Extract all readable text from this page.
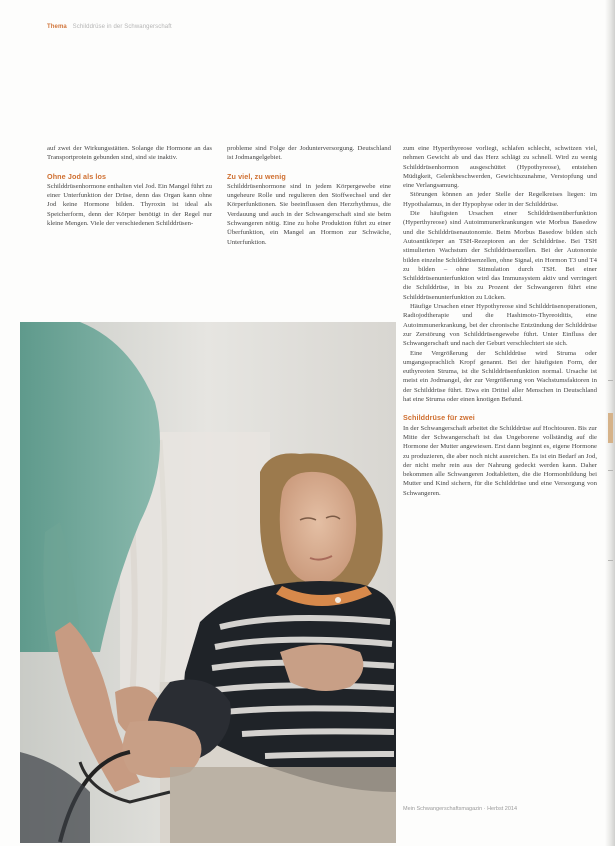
Thema Schilddrüse in der Schwangerschaft

auf zwei der Wirkungsstätten. Solange die Hormone an das Transportprotein gebunden sind, sind sie inaktiv.

Ohne Jod als los

Schilddrüsenhormone enthalten viel Jod. Ein Mangel führt zu einer Unterfunktion der Drüse, denn das Organ kann ohne Jod keine Hormone bilden. Thyroxin ist ideal als Speicherform, denn der Körper benötigt in der Regel nur kleine Mengen. Viele der verschiedenen Schilddrüsen-

probleme sind Folge der Jodunterversorgung. Deutschland ist Jodmangelgebiet.

Zu viel, zu wenig

Schilddrüsenhormone sind in jedem Körpergewebe eine ungeheure Rolle und regulieren den Stoffwechsel und der Körperfunktionen. Sie beeinflussen den Herzrhythmus, die Verdauung und auch in der Schwangerschaft sind sie beim Schwangeren nötig. Eine zu hohe Produktion führt zu einer Überfunktion, ein Mangel an Hormon zur Schwäche, Unterfunktion.

zum eine Hyperthyreose vorliegt, schlafen schlecht, schwitzen viel, nehmen Gewicht ab und das Herz schlägt zu schnell. Wird zu wenig Schilddrüsenhormon ausgeschüttet (Hypothyreose), entstehen Müdigkeit, Gelenkbeschwerden, Gewichtszunahme, Verstopfung und eine Verlangsamung.

Störungen können an jeder Stelle der Regelkreises liegen: im Hypothalamus, in der Hypophyse oder in der Schilddrüse.

Die häufigsten Ursachen einer Schilddrüsenüberfunktion (Hyperthyreose) sind Autoimmunerkrankungen wie Morbus Basedow und die Schilddrüsenautonomie. Beim Morbus Basedow bilden sich Autoantikörper an TSH-Rezeptoren an der Schilddrüse. Bei TSH stimulierten Wachstum der Schilddrüsenzellen. Bei der Autonomie bilden einzelne Schilddrüsenzellen, ohne Signal, ein Hormon T3 und T4 zu bilden – ohne Stimulation durch TSH. Bei einer Schilddrüsenunterfunktion wird das Immunsystem aktiv und verringert die Schilddrüse, in bis zu Prozent der Schwangeren führt eine Schilddrüsenunterfunktion zu Lücken.

Häufige Ursachen einer Hypothyreose sind Schilddrüsenoperationen, Radiojodtherapie und die Hashimoto-Thyreoiditis, eine Autoimmunerkrankung, bei der chronische Entzündung der Schilddrüse zur Zerstörung von Schilddrüsengewebe führt. Unter Einfluss der Schwangerschaft und nach der Geburt verschlechtert sie sich.

Eine Vergrößerung der Schilddrüse wird Struma oder umgangssprachlich Kropf genannt. Bei der häufigsten Form, der euthyreoten Struma, ist die Schilddrüsenfunktion normal. Ursache ist meist ein Jodmangel, der zur Vergrößerung von Wachstumsfaktoren in der Schilddrüse führt. Etwa ein Drittel aller Menschen in Deutschland hat eine Struma oder einen knotigen Befund.

Schilddrüse für zwei

In der Schwangerschaft arbeitet die Schilddrüse auf Hochtouren. Bis zur Mitte der Schwangerschaft ist das Ungeborene vollständig auf die Hormone der Mutter angewiesen. Erst dann beginnt es, eigene Hormone zu produzieren, die aber noch nicht ausreichen. Es ist ein Bedarf an Jod, der nicht mehr rein aus der Nahrung gedeckt werden kann. Daher bekommen alle Schwangeren Jodtabletten, die die Hormonbildung bei Mutter und Kind sichern, für die Schilddrüse und eine Versorgung von Schwangeren.

Mein Schwangerschaftsmagazin · Herbst 2014
